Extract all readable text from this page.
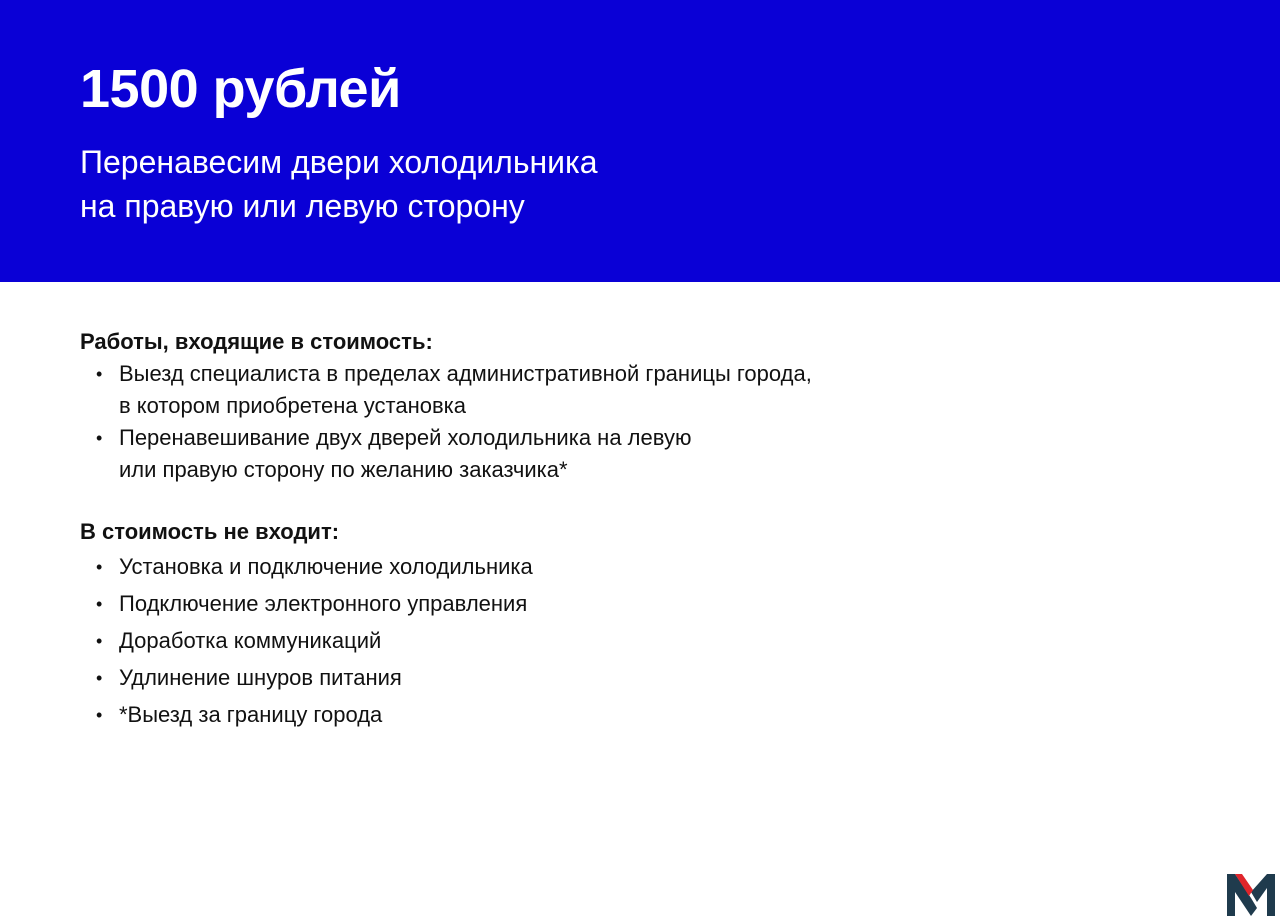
1500 рублей

Перенавесим двери холодильника
на правую или левую сторону

Работы, входящие в стоимость:
• Выезд специалиста в пределах административной границы города,
в котором приобретена установка
• Перенавешивание двух дверей холодильника на левую
или правую сторону по желанию заказчика*
В стоимость не входит:
• Установка и подключение холодильника
• Подключение электронного управления
• Доработка коммуникаций
• Удлинение шнуров питания
• *Выезд за границу города
